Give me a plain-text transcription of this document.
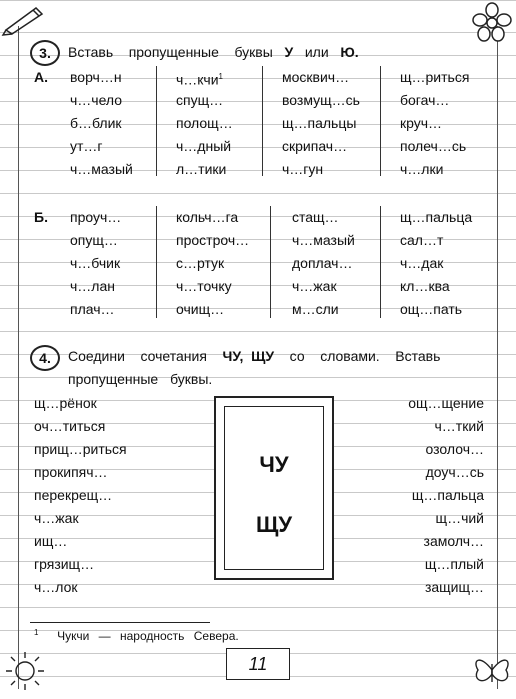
3.	Вставь пропущенные буквы У или Ю.
А.
Б.
ворч…н
ч…чело
б…блик
ут…г
ч…мазый
ч…кчи$^1$
спущ…
полощ…
ч…дный
л…тики
москвич…
возмущ…сь
щ…пальцы
скрипач…
ч…гун
щ…риться
богач…
круч…
полеч…сь
ч…лки
проуч…
опущ…
ч…бчик
ч…лан
плач…
кольч…га
простроч…
с…ртук
ч…точку
очищ…
стащ…
ч…мазый
доплач…
ч…жак
м…сли
щ…пальца
сал…т
ч…дак
кл…ква
ощ…пать
4.	Соедини сочетания ЧУ, ЩУ со словами. Вставь
пропущенные буквы.
щ…рёнок
оч…титься
прищ…риться
прокипяч…
перекрещ…
ч…жак
ищ…
грязищ…
ч…лок
ощ…щение
ч…ткий
озолоч…
доуч…сь
щ…пальца
щ…чий
замолч…
щ…плый
защищ…
ЧУ
ЩУ
$^1$ Чукчи — народность Севера.
11
